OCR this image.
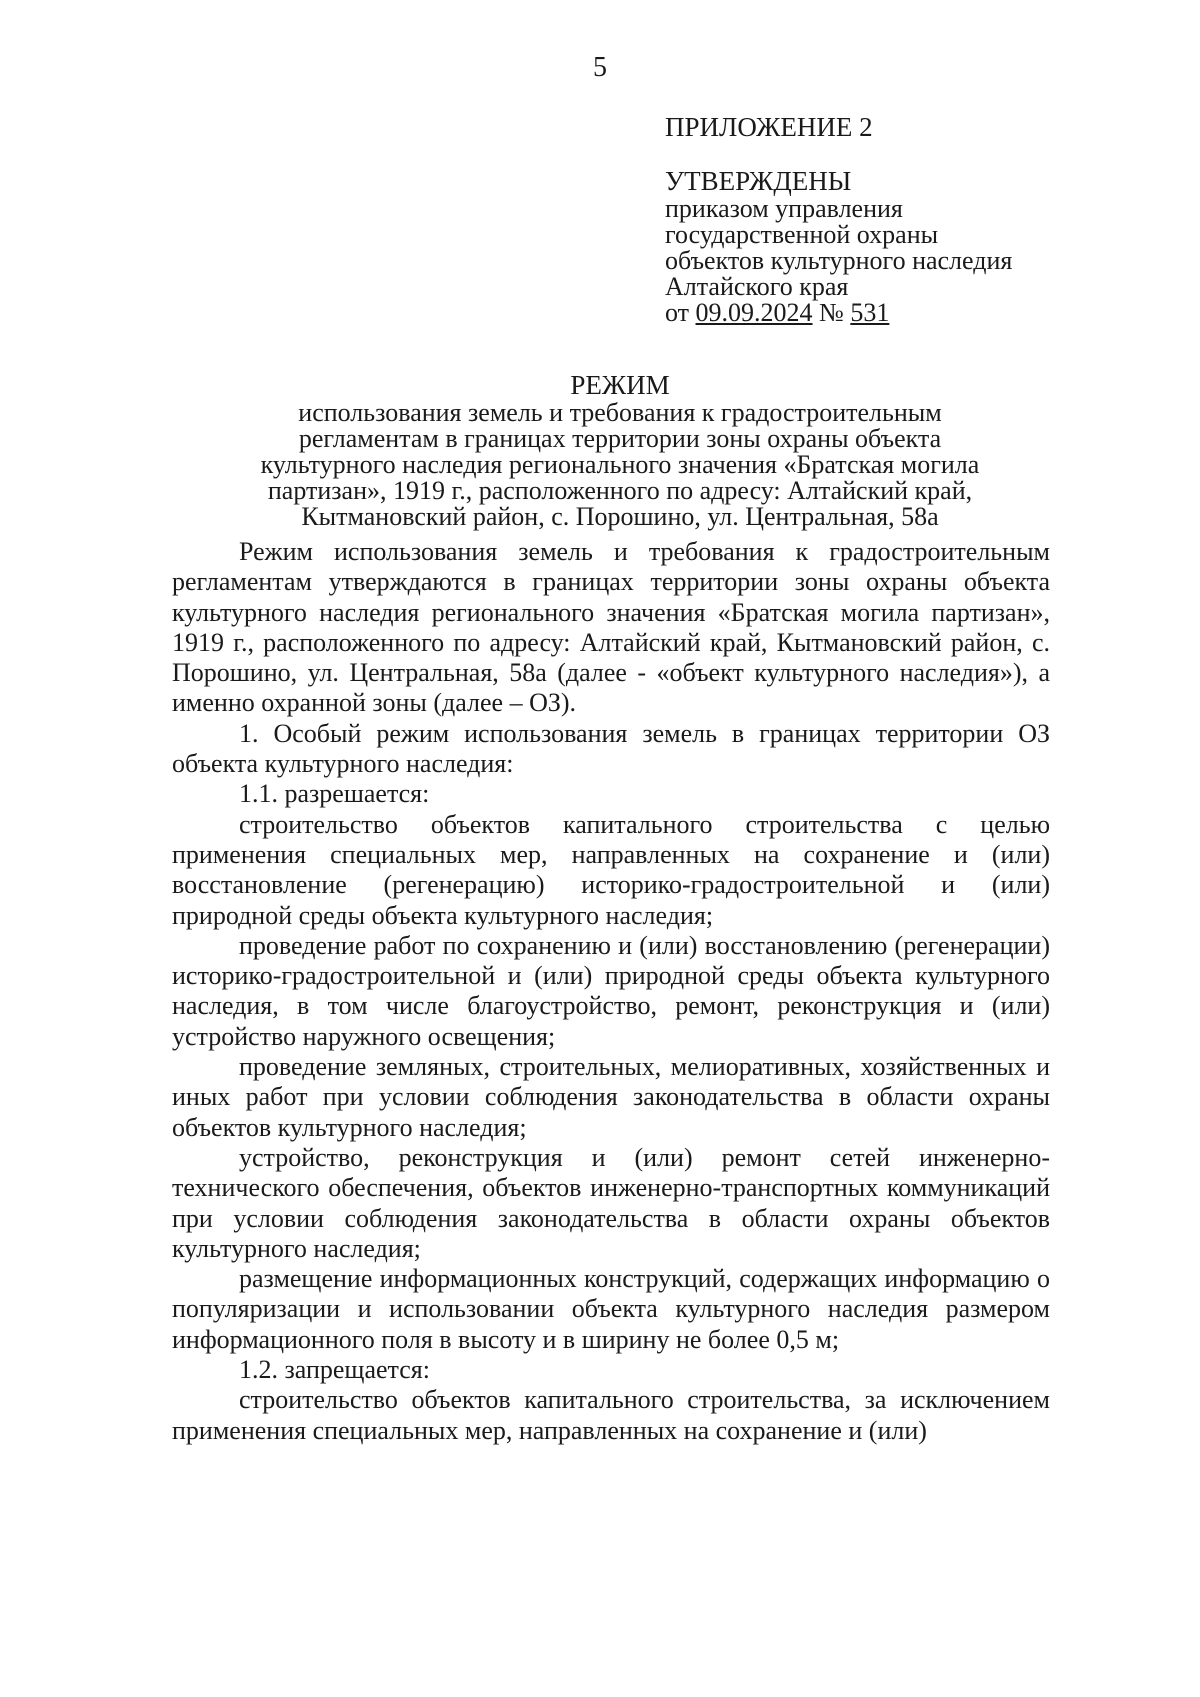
5
ПРИЛОЖЕНИЕ 2
УТВЕРЖДЕНЫ
приказом управления
государственной охраны
объектов культурного наследия
Алтайского края
от 09.09.2024 № 531
РЕЖИМ
использования земель и требования к градостроительным
регламентам в границах территории зоны охраны объекта
культурного наследия регионального значения «Братская могила
партизан», 1919 г., расположенного по адресу: Алтайский край,
Кытмановский район, с. Порошино, ул. Центральная, 58а

Режим использования земель и требования к градостроительным регламентам утверждаются в границах территории зоны охраны объекта культурного наследия регионального значения «Братская могила партизан», 1919 г., расположенного по адресу: Алтайский край, Кытмановский район, с. Порошино, ул. Центральная, 58а (далее - «объект культурного наследия»), а именно охранной зоны (далее – ОЗ).

1. Особый режим использования земель в границах территории ОЗ объекта культурного наследия:

1.1. разрешается:

строительство объектов капитального строительства с целью применения специальных мер, направленных на сохранение и (или) восстановление (регенерацию) историко-градостроительной и (или) природной среды объекта культурного наследия;

проведение работ по сохранению и (или) восстановлению (регенерации) историко-градостроительной и (или) природной среды объекта культурного наследия, в том числе благоустройство, ремонт, реконструкция и (или) устройство наружного освещения;

проведение земляных, строительных, мелиоративных, хозяйственных и иных работ при условии соблюдения законодательства в области охраны объектов культурного наследия;

устройство, реконструкция и (или) ремонт сетей инженерно-технического обеспечения, объектов инженерно-транспортных коммуникаций при условии соблюдения законодательства в области охраны объектов культурного наследия;

размещение информационных конструкций, содержащих информацию о популяризации и использовании объекта культурного наследия размером информационного поля в высоту и в ширину не более 0,5 м;

1.2. запрещается:

строительство объектов капитального строительства, за исключением применения специальных мер, направленных на сохранение и (или)
